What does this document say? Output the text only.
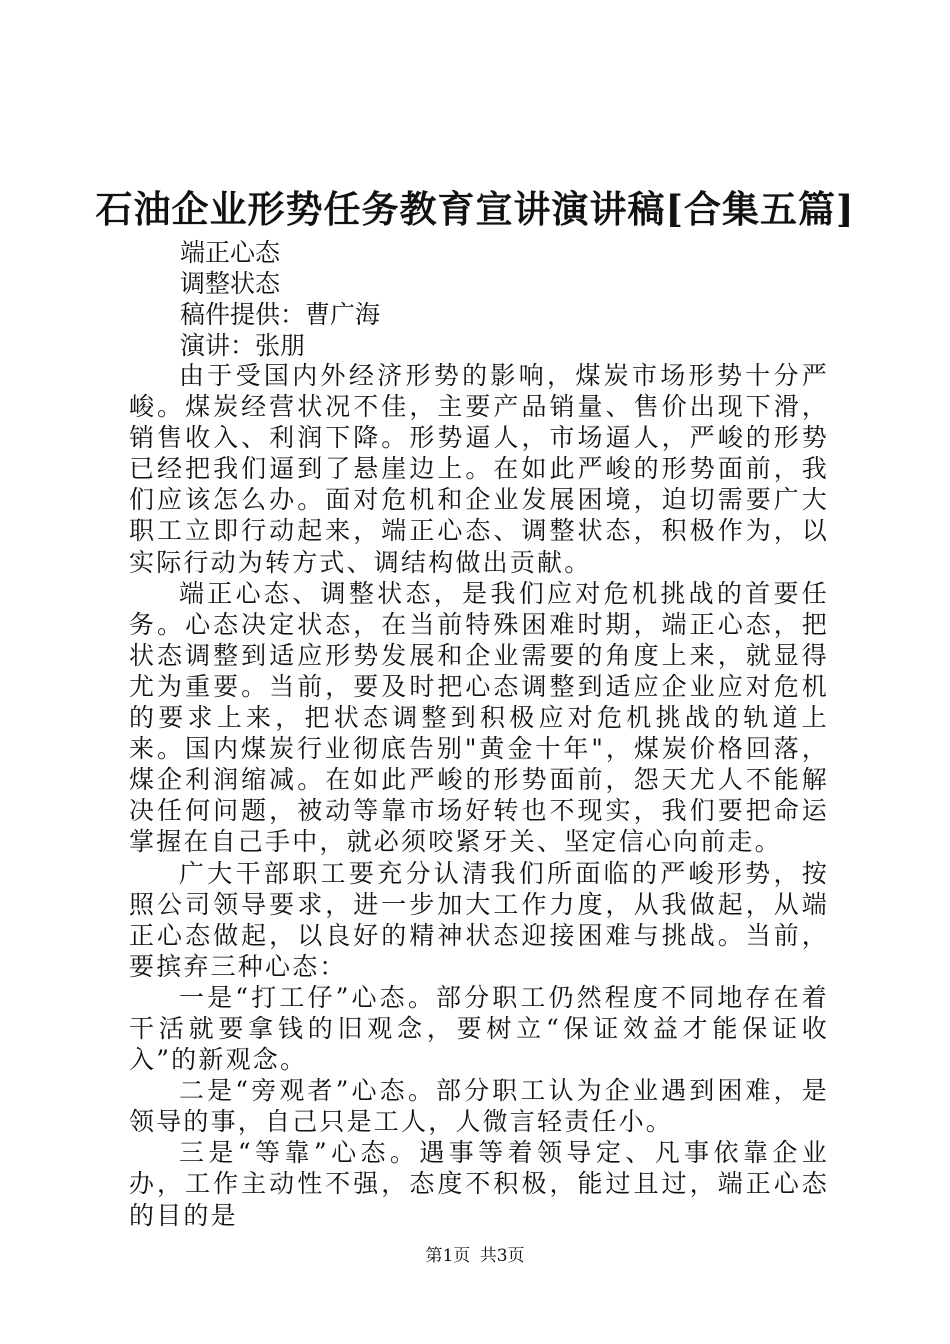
石油企业形势任务教育宣讲演讲稿[合集五篇]
端正心态
调整状态
稿件提供：曹广海
演讲：张朋

由于受国内外经济形势的影响，煤炭市场形势十分严峻。煤炭经营状况不佳，主要产品销量、售价出现下滑，销售收入、利润下降。形势逼人，市场逼人，严峻的形势已经把我们逼到了悬崖边上。在如此严峻的形势面前，我们应该怎么办。面对危机和企业发展困境，迫切需要广大职工立即行动起来，端正心态、调整状态，积极作为，以实际行动为转方式、调结构做出贡献。

端正心态、调整状态，是我们应对危机挑战的首要任务。心态决定状态，在当前特殊困难时期，端正心态，把状态调整到适应形势发展和企业需要的角度上来，就显得尤为重要。当前，要及时把心态调整到适应企业应对危机的要求上来，把状态调整到积极应对危机挑战的轨道上来。国内煤炭行业彻底告别"黄金十年"，煤炭价格回落，煤企利润缩减。在如此严峻的形势面前，怨天尤人不能解决任何问题，被动等靠市场好转也不现实，我们要把命运掌握在自己手中，就必须咬紧牙关、坚定信心向前走。

广大干部职工要充分认清我们所面临的严峻形势，按照公司领导要求，进一步加大工作力度，从我做起，从端正心态做起，以良好的精神状态迎接困难与挑战。当前，要摈弃三种心态：

一是“打工仔”心态。部分职工仍然程度不同地存在着干活就要拿钱的旧观念，要树立“保证效益才能保证收入”的新观念。

二是“旁观者”心态。部分职工认为企业遇到困难，是领导的事，自己只是工人，人微言轻责任小。

三是“等靠”心态。遇事等着领导定、凡事依靠企业办，工作主动性不强，态度不积极，能过且过，端正心态的目的是

第1页 共3页
